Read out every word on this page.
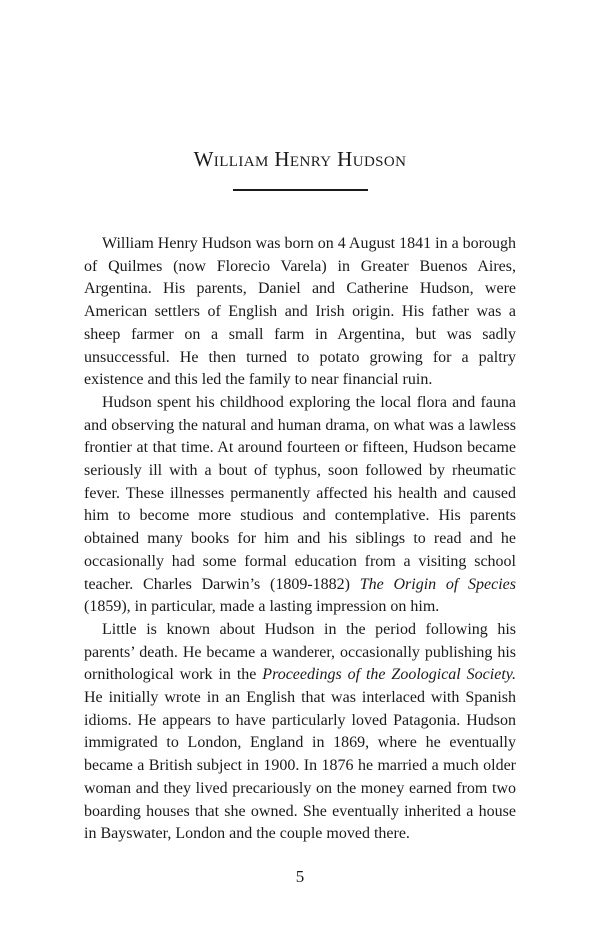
William Henry Hudson

William Henry Hudson was born on 4 August 1841 in a borough of Quilmes (now Florecio Varela) in Greater Buenos Aires, Argentina. His parents, Daniel and Catherine Hudson, were American settlers of English and Irish origin. His father was a sheep farmer on a small farm in Argentina, but was sadly unsuccessful. He then turned to potato growing for a paltry existence and this led the family to near financial ruin.

Hudson spent his childhood exploring the local flora and fauna and observing the natural and human drama, on what was a lawless frontier at that time. At around fourteen or fifteen, Hudson became seriously ill with a bout of typhus, soon followed by rheumatic fever. These illnesses permanently affected his health and caused him to become more studious and contemplative. His parents obtained many books for him and his siblings to read and he occasionally had some formal education from a visiting school teacher. Charles Darwin’s (1809-1882) The Origin of Species (1859), in particular, made a lasting impression on him.

Little is known about Hudson in the period following his parents’ death. He became a wanderer, occasionally publishing his ornithological work in the Proceedings of the Zoological Society. He initially wrote in an English that was interlaced with Spanish idioms. He appears to have particularly loved Patagonia. Hudson immigrated to London, England in 1869, where he eventually became a British subject in 1900. In 1876 he married a much older woman and they lived precariously on the money earned from two boarding houses that she owned. She eventually inherited a house in Bayswater, London and the couple moved there.

5
